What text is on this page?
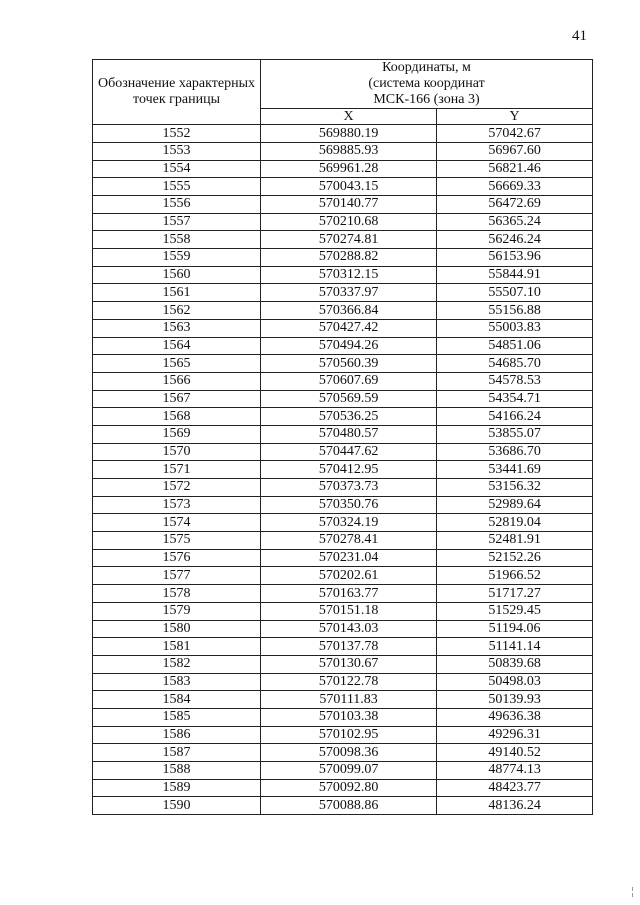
41
Обозначение характерных точек границы	Координаты, м
(система координат
МСК-166 (зона 3)	

	X	Y
1552	569880.19	57042.67
1553	569885.93	56967.60
1554	569961.28	56821.46
1555	570043.15	56669.33
1556	570140.77	56472.69
1557	570210.68	56365.24
1558	570274.81	56246.24
1559	570288.82	56153.96
1560	570312.15	55844.91
1561	570337.97	55507.10
1562	570366.84	55156.88
1563	570427.42	55003.83
1564	570494.26	54851.06
1565	570560.39	54685.70
1566	570607.69	54578.53
1567	570569.59	54354.71
1568	570536.25	54166.24
1569	570480.57	53855.07
1570	570447.62	53686.70
1571	570412.95	53441.69
1572	570373.73	53156.32
1573	570350.76	52989.64
1574	570324.19	52819.04
1575	570278.41	52481.91
1576	570231.04	52152.26
1577	570202.61	51966.52
1578	570163.77	51717.27
1579	570151.18	51529.45
1580	570143.03	51194.06
1581	570137.78	51141.14
1582	570130.67	50839.68
1583	570122.78	50498.03
1584	570111.83	50139.93
1585	570103.38	49636.38
1586	570102.95	49296.31
1587	570098.36	49140.52
1588	570099.07	48774.13
1589	570092.80	48423.77
1590	570088.86	48136.24
